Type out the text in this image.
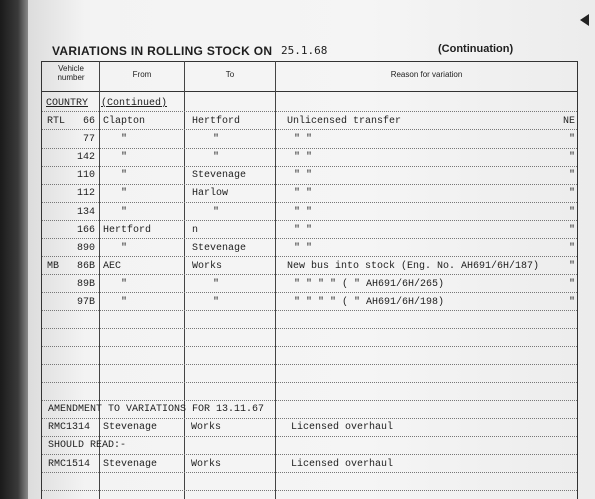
VARIATIONS IN ROLLING STOCK ON 25.1.68	(Continuation)
Vehicle number	From	To	Reason for variation
COUNTRY (Continued)
RTL 66 Clapton	Hertford	Unlicensed transfer	NE
77	"	"	" "	"
142	"	"	" "	"
110	"	Stevenage	" "	"
112	"	Harlow	" "	"
134	"	"	" "	"
166 Hertford	n	" "	"
890	"	Stevenage	" "	"
MB 86B AEC	Works	New bus into stock (Eng. No. AH691/6H/187)	"
89B	"	"	" " " " ( " AH691/6H/265)	"
97B	"	"	" " " " ( " AH691/6H/198)	"
AMENDMENT TO VARIATIONS FOR 13.11.67
RMC1314 Stevenage	Works	Licensed overhaul
SHOULD READ:-
RMC1514 Stevenage	Works	Licensed overhaul
